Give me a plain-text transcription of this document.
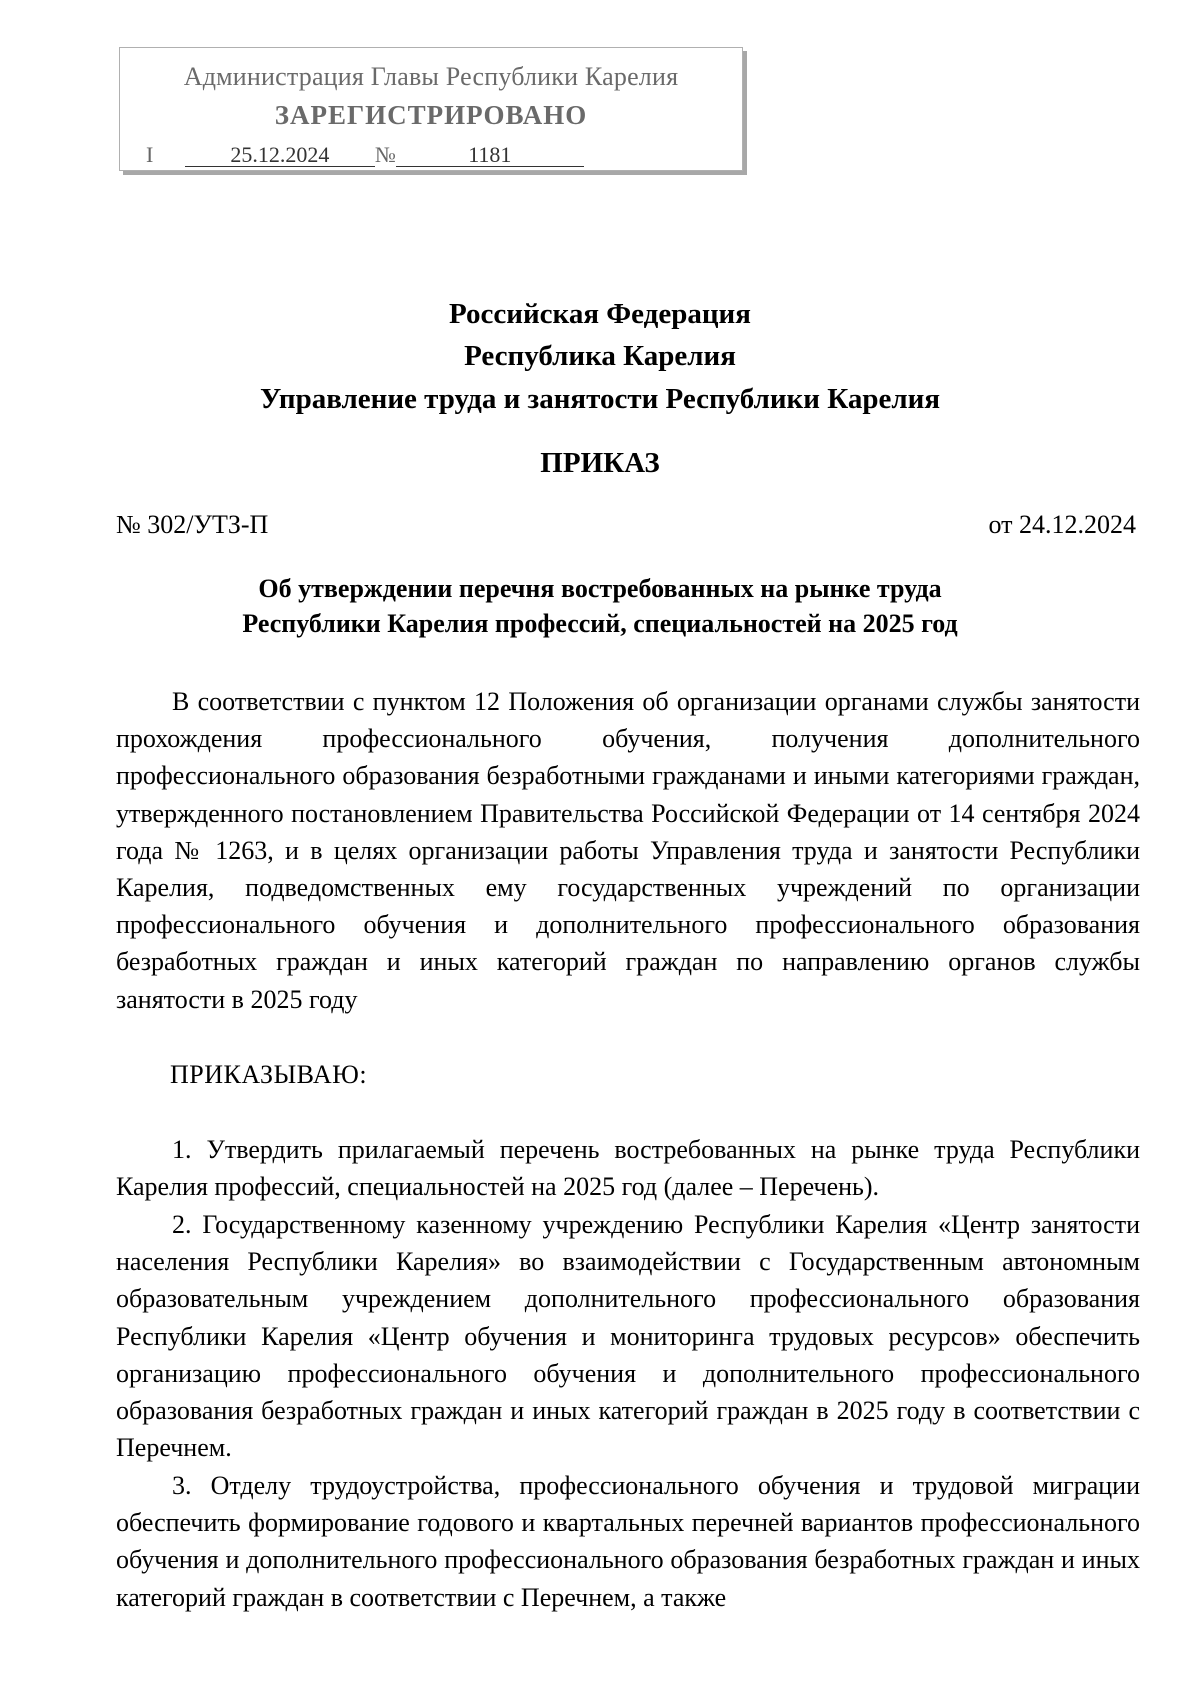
Администрация Главы Республики Карелия
ЗАРЕГИСТРИРОВАНО
I	25.12.2024 №	1181
Российская Федерация
Республика Карелия
Управление труда и занятости Республики Карелия
ПРИКАЗ
№ 302/УТЗ-П	от 24.12.2024
Об утверждении перечня востребованных на рынке труда
Республики Карелия профессий, специальностей на 2025 год
В соответствии с пунктом 12 Положения об организации органами службы занятости прохождения профессионального обучения, получения дополнительного профессионального образования безработными гражданами и иными категориями граждан, утвержденного постановлением Правительства Российской Федерации от 14 сентября 2024 года № 1263, и в целях организации работы Управления труда и занятости Республики Карелия, подведомственных ему государственных учреждений по организации профессионального обучения и дополнительного профессионального образования безработных граждан и иных категорий граждан по направлению органов службы занятости в 2025 году
ПРИКАЗЫВАЮ:
1. Утвердить прилагаемый перечень востребованных на рынке труда Республики Карелия профессий, специальностей на 2025 год (далее – Перечень).
2. Государственному казенному учреждению Республики Карелия «Центр занятости населения Республики Карелия» во взаимодействии с Государственным автономным образовательным учреждением дополнительного профессионального образования Республики Карелия «Центр обучения и мониторинга трудовых ресурсов» обеспечить организацию профессионального обучения и дополнительного профессионального образования безработных граждан и иных категорий граждан в 2025 году в соответствии с Перечнем.
3. Отделу трудоустройства, профессионального обучения и трудовой миграции обеспечить формирование годового и квартальных перечней вариантов профессионального обучения и дополнительного профессионального образования безработных граждан и иных категорий граждан в соответствии с Перечнем, а также
